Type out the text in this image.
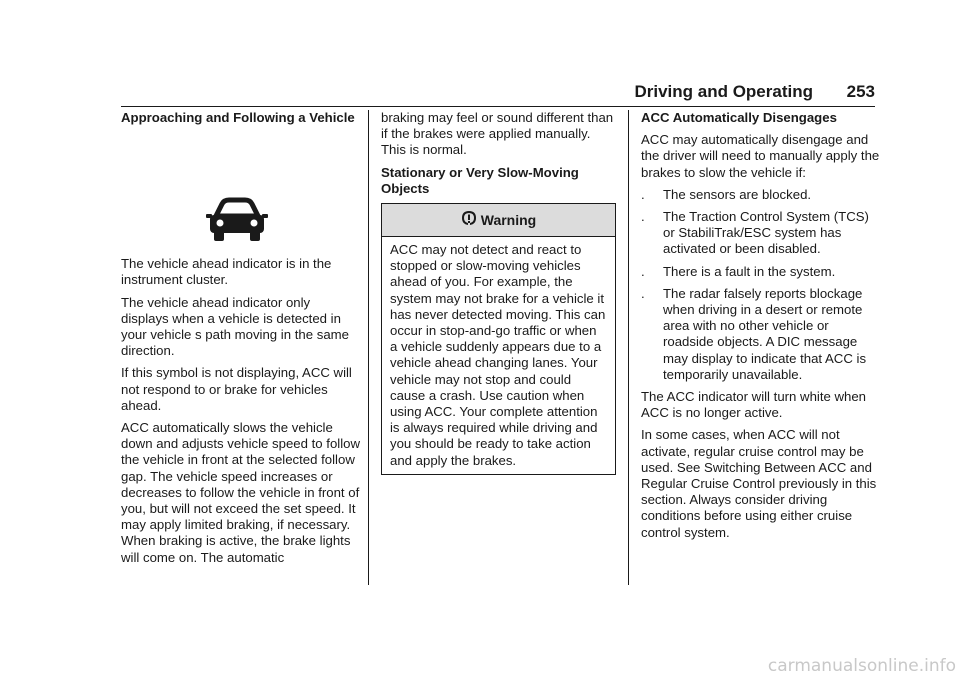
Driving and Operating 253
Approaching and Following a Vehicle

The vehicle ahead indicator is in the instrument cluster.

The vehicle ahead indicator only displays when a vehicle is detected in your vehicle s path moving in the same direction.

If this symbol is not displaying, ACC will not respond to or brake for vehicles ahead.

ACC automatically slows the vehicle down and adjusts vehicle speed to follow the vehicle in front at the selected follow gap. The vehicle speed increases or decreases to follow the vehicle in front of you, but will not exceed the set speed. It may apply limited braking, if necessary. When braking is active, the brake lights will come on. The automatic

braking may feel or sound different than if the brakes were applied manually. This is normal.

Stationary or Very Slow-Moving Objects
Warning
ACC may not detect and react to stopped or slow-moving vehicles ahead of you. For example, the system may not brake for a vehicle it has never detected moving. This can occur in stop-and-go traffic or when a vehicle suddenly appears due to a vehicle ahead changing lanes. Your vehicle may not stop and could cause a crash. Use caution when using ACC. Your complete attention is always required while driving and you should be ready to take action and apply the brakes.
ACC Automatically Disengages

ACC may automatically disengage and the driver will need to manually apply the brakes to slow the vehicle if:

.	The sensors are blocked.
.	The Traction Control System (TCS) or StabiliTrak/ESC system has activated or been disabled.
.	There is a fault in the system.
.	The radar falsely reports blockage when driving in a desert or remote area with no other vehicle or roadside objects. A DIC message may display to indicate that ACC is temporarily unavailable.

The ACC indicator will turn white when ACC is no longer active.

In some cases, when ACC will not activate, regular cruise control may be used. See Switching Between ACC and Regular Cruise Control previously in this section. Always consider driving conditions before using either cruise control system.

carmanualsonline.info
